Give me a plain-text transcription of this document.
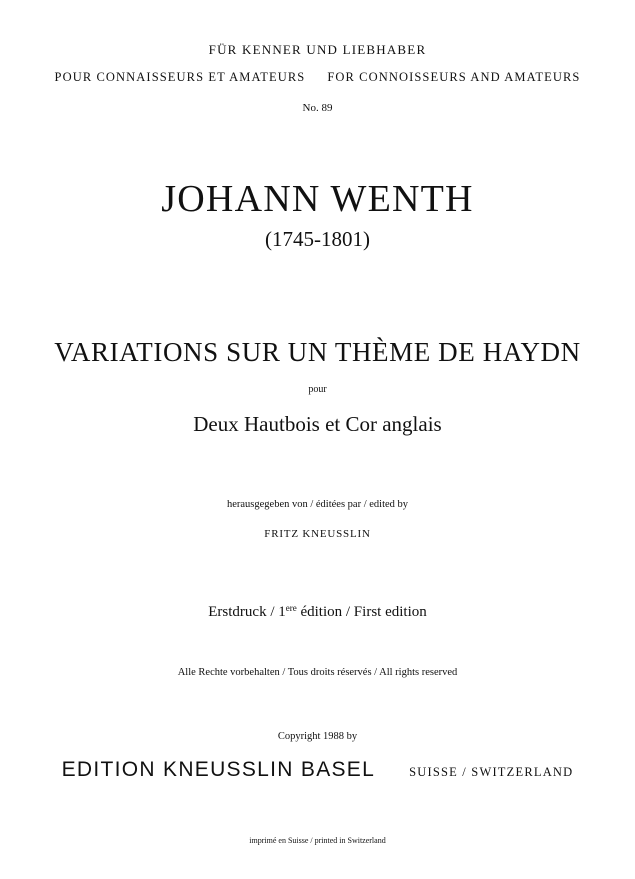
FÜR KENNER UND LIEBHABER
POUR CONNAISSEURS ET AMATEURS FOR CONNOISSEURS AND AMATEURS
No. 89
JOHANN WENTH
(1745-1801)
VARIATIONS SUR UN THÈME DE HAYDN
pour
Deux Hautbois et Cor anglais
herausgegeben von / éditées par / edited by
FRITZ KNEUSSLIN
Erstdruck / 1ere édition / First edition
Alle Rechte vorbehalten / Tous droits réservés / All rights reserved
Copyright 1988 by
EDITION KNEUSSLIN BASEL	SUISSE / SWITZERLAND
imprimé en Suisse / printed in Switzerland
